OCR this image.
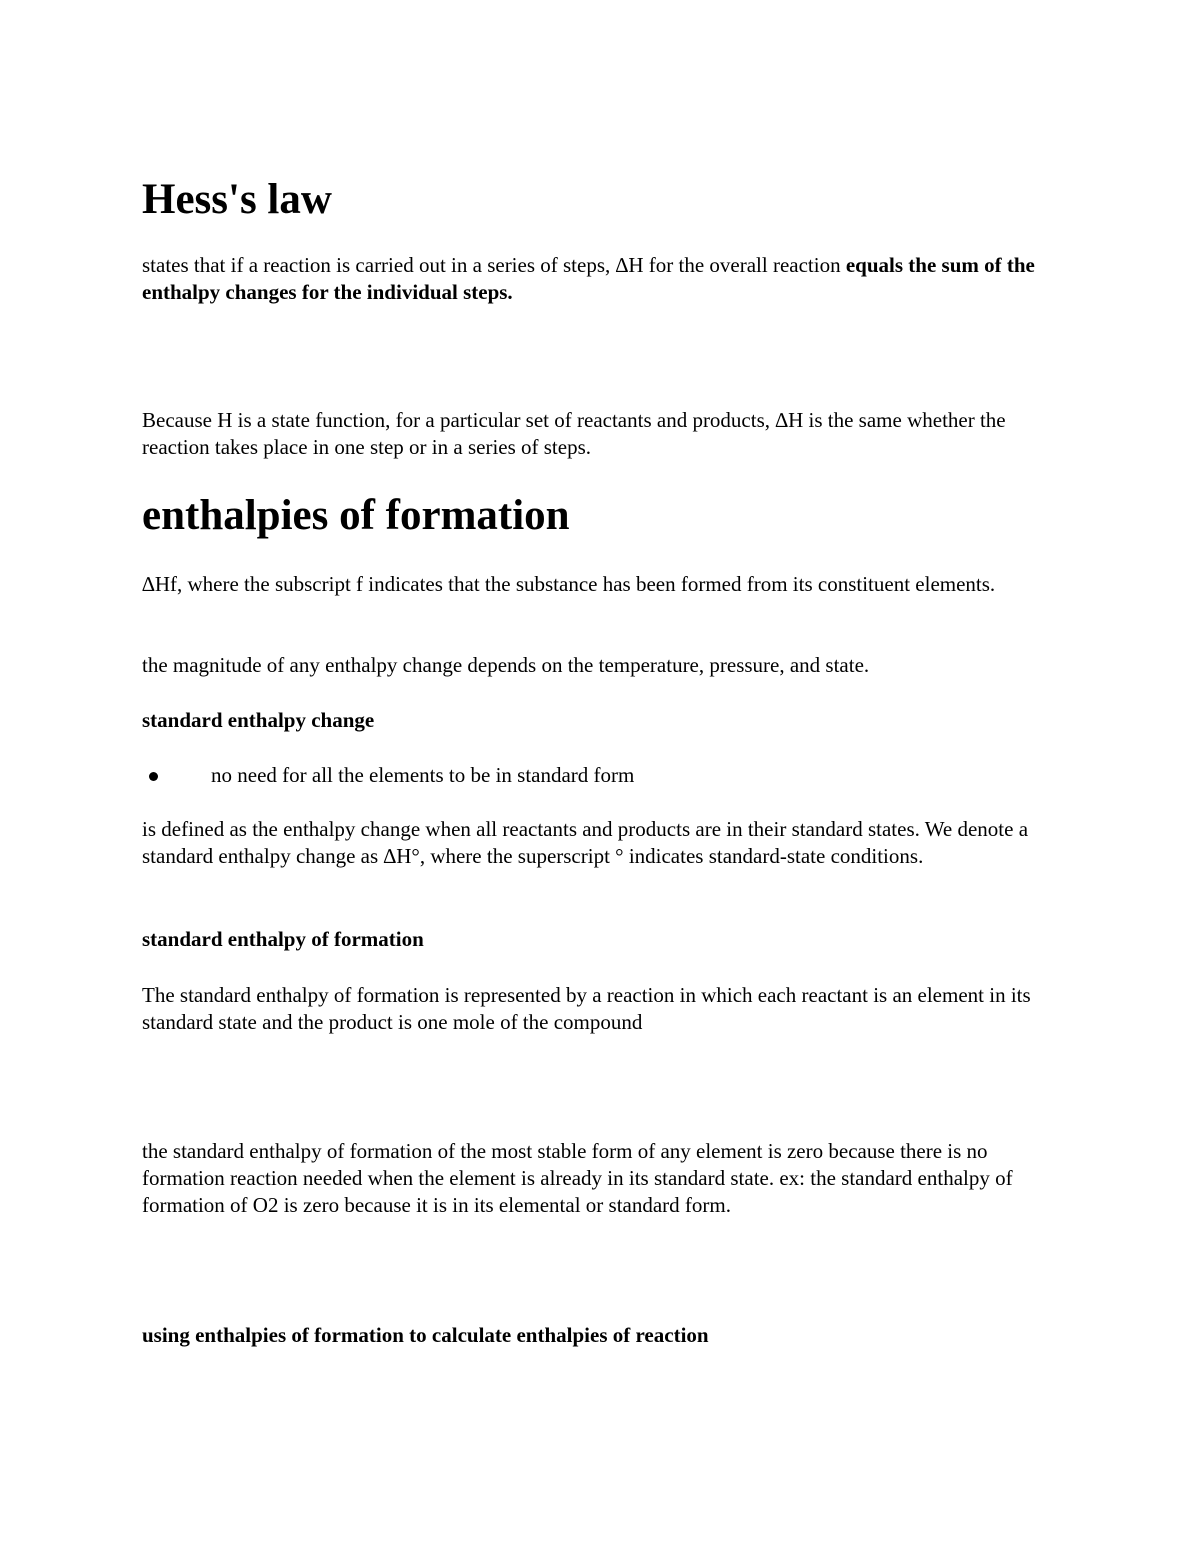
Hess's law

states that if a reaction is carried out in a series of steps, ∆H for the overall reaction equals the sum of the enthalpy changes for the individual steps.

Because H is a state function, for a particular set of reactants and products, ∆H is the same whether the reaction takes place in one step or in a series of steps.

enthalpies of formation

∆Hf, where the subscript f indicates that the substance has been formed from its constituent elements.

the magnitude of any enthalpy change depends on the temperature, pressure, and state.

standard enthalpy change
no need for all the elements to be in standard form

is defined as the enthalpy change when all reactants and products are in their standard states. We denote a standard enthalpy change as ∆H°, where the superscript ° indicates standard-state conditions.

standard enthalpy of formation

The standard enthalpy of formation is represented by a reaction in which each reactant is an element in its standard state and the product is one mole of the compound

the standard enthalpy of formation of the most stable form of any element is zero because there is no formation reaction needed when the element is already in its standard state. ex: the standard enthalpy of formation of O2 is zero because it is in its elemental or standard form.

using enthalpies of formation to calculate enthalpies of reaction
